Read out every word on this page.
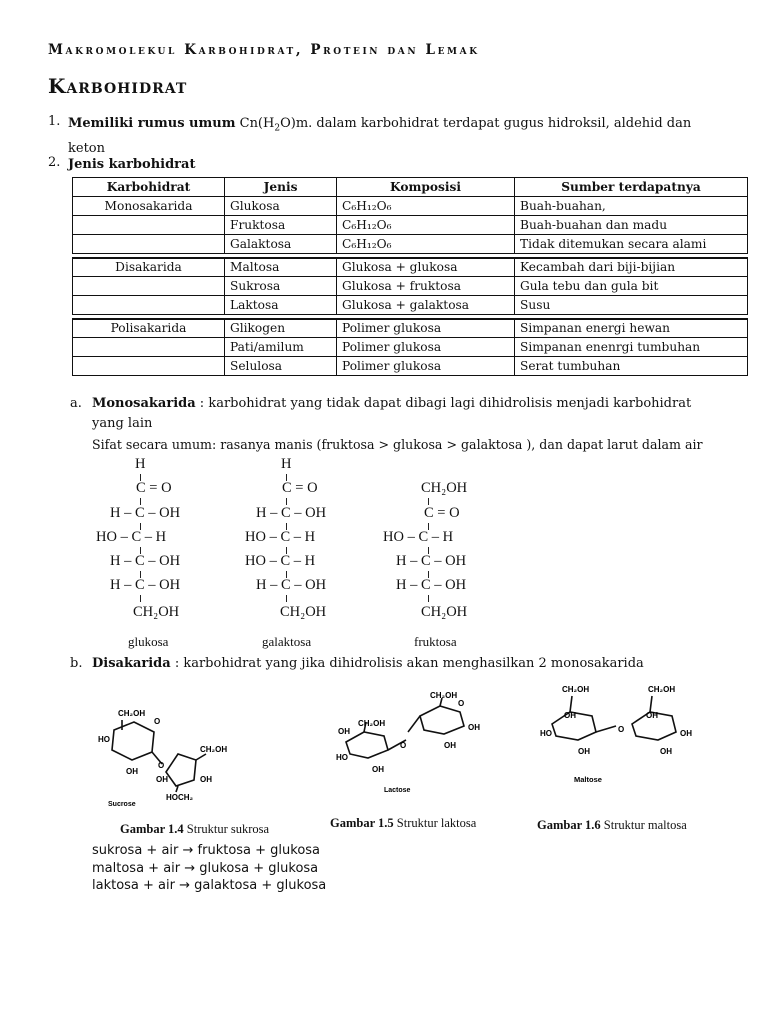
Makromolekul Karbohidrat, Protein dan Lemak
Karbohidrat
1. Memiliki rumus umum $Cn(H_2O)m$. dalam karbohidrat terdapat gugus hidroksil, aldehid dan
keton
2. Jenis karbohidrat
Karbohidrat	Jenis	Komposisi	Sumber terdapatnya
Monosakarida	Glukosa	C₆H₁₂O₆	Buah-buahan,
	Fruktosa	C₆H₁₂O₆	Buah-buahan dan madu
	Galaktosa	C₆H₁₂O₆	Tidak ditemukan secara alami

Disakarida	Maltosa	Glukosa + glukosa	Kecambah dari biji-bijian
	Sukrosa	Glukosa + fruktosa	Gula tebu dan gula bit
	Laktosa	Glukosa + galaktosa	Susu

Polisakarida	Glikogen	Polimer glukosa	Simpanan energi hewan
	Pati/amilum	Polimer glukosa	Simpanan enenrgi tumbuhan
	Selulosa	Polimer glukosa	Serat tumbuhan
a. Monosakarida : karbohidrat yang tidak dapat dibagi lagi dihidrolisis menjadi karbohidrat
yang lain
Sifat secara umum: rasanya manis (fruktosa > glukosa > galaktosa ), dan dapat larut dalam air
H
C = O
H – C – OH
HO – C – H
H – C – OH
H – C – OH
CH₂OH
glukosa
H
C = O
H – C – OH
HO – C – H
HO – C – H
H – C – OH
CH₂OH
galaktosa
CH₂OH
C = O
HO – C – H
H – C – OH
H – C – OH
CH₂OH
fruktosa
b. Disakarida : karbohidrat yang jika dihidrolisis akan menghasilkan 2 monosakarida
CH₂OH
HO
OH
O
CH₂OH
HOCH₂
O
OH	OH
Sucrose
CH₂OH
OH
HO
OH
O
CH₂OH
O
OH
OH
Lactose
CH₂OH	CH₂OH
OH
HO
OH
O
OH
OH
OH
Maltose
Gambar 1.4 Struktur sukrosa	Gambar 1.5 Struktur laktosa	Gambar 1.6 Struktur maltosa
sukrosa + air → fruktosa + glukosa
maltosa + air → glukosa + glukosa
laktosa + air → galaktosa + glukosa
